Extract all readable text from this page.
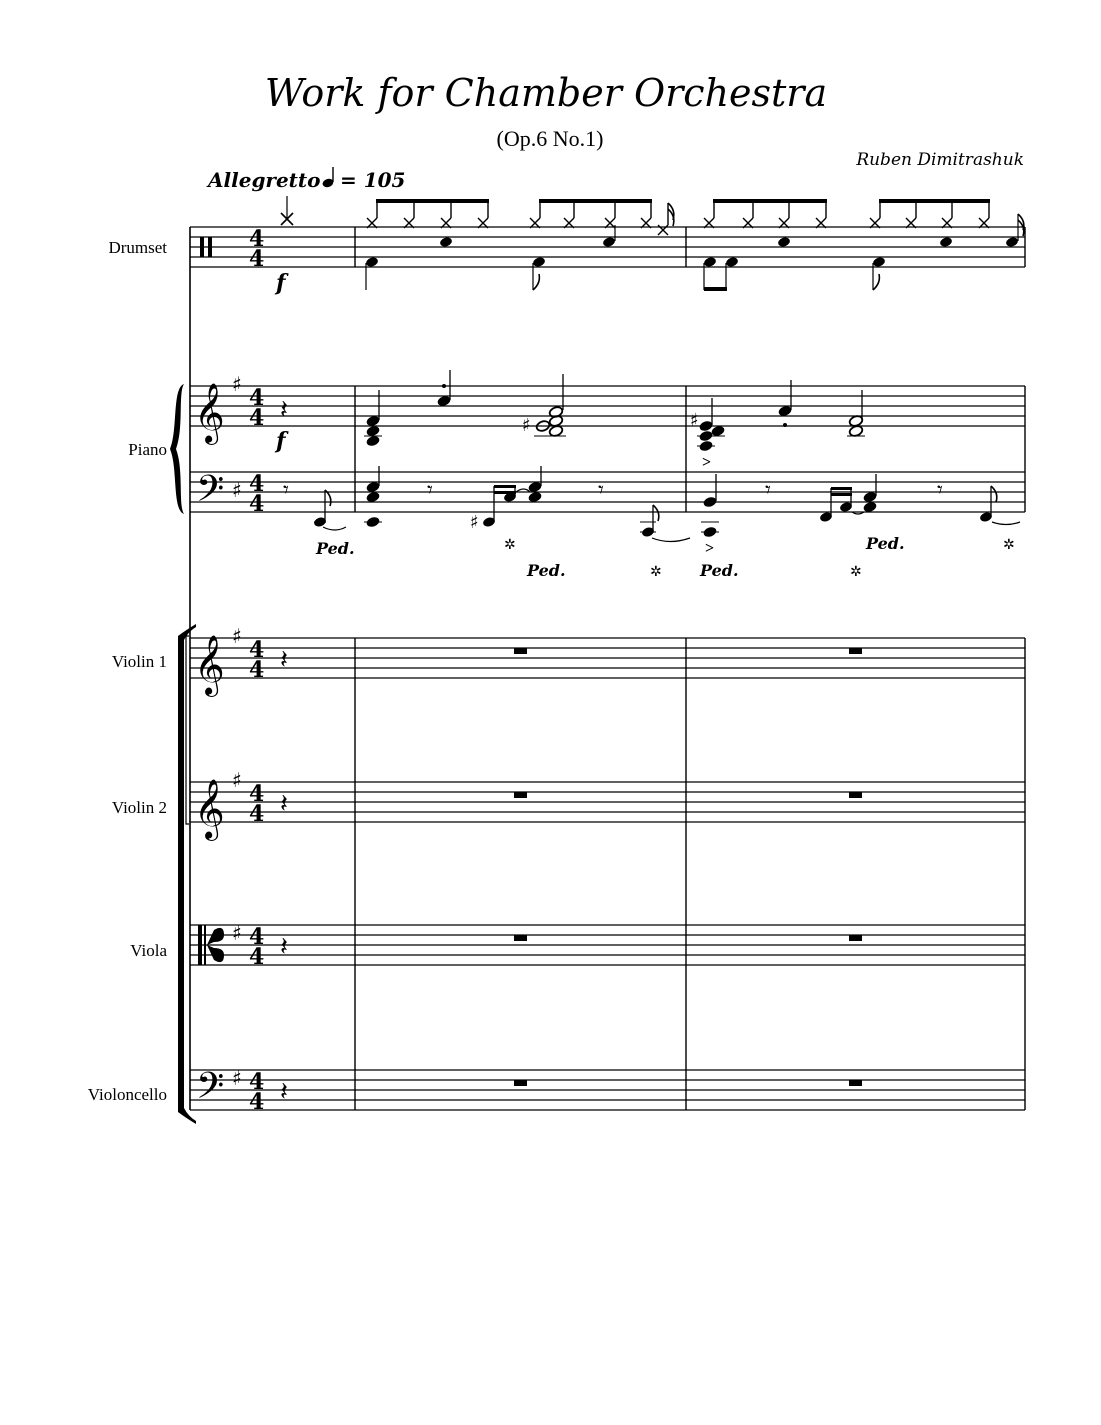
Work for Chamber Orchestra
(Op.6 No.1)
Ruben Dimitrashuk
Allegretto = 105
Drumset
Piano
Violin 1
Violin 2
Viola
Violoncello
𝄞
𝄢
𝄞
𝄞
𝄢
♯
♯
♯
♯
♯
♯
4
4
4
4
4
4
4
4
4
4
4
4
4
4
f
𝄽
f
𝄽
𝄽
𝄽
𝄽
𝄾
Ped.
♯
𝄾
♯
𝄾
✲
Ped.	✲
♯
>
>
𝄾	𝄾
Ped.	✲
Ped.	✲
